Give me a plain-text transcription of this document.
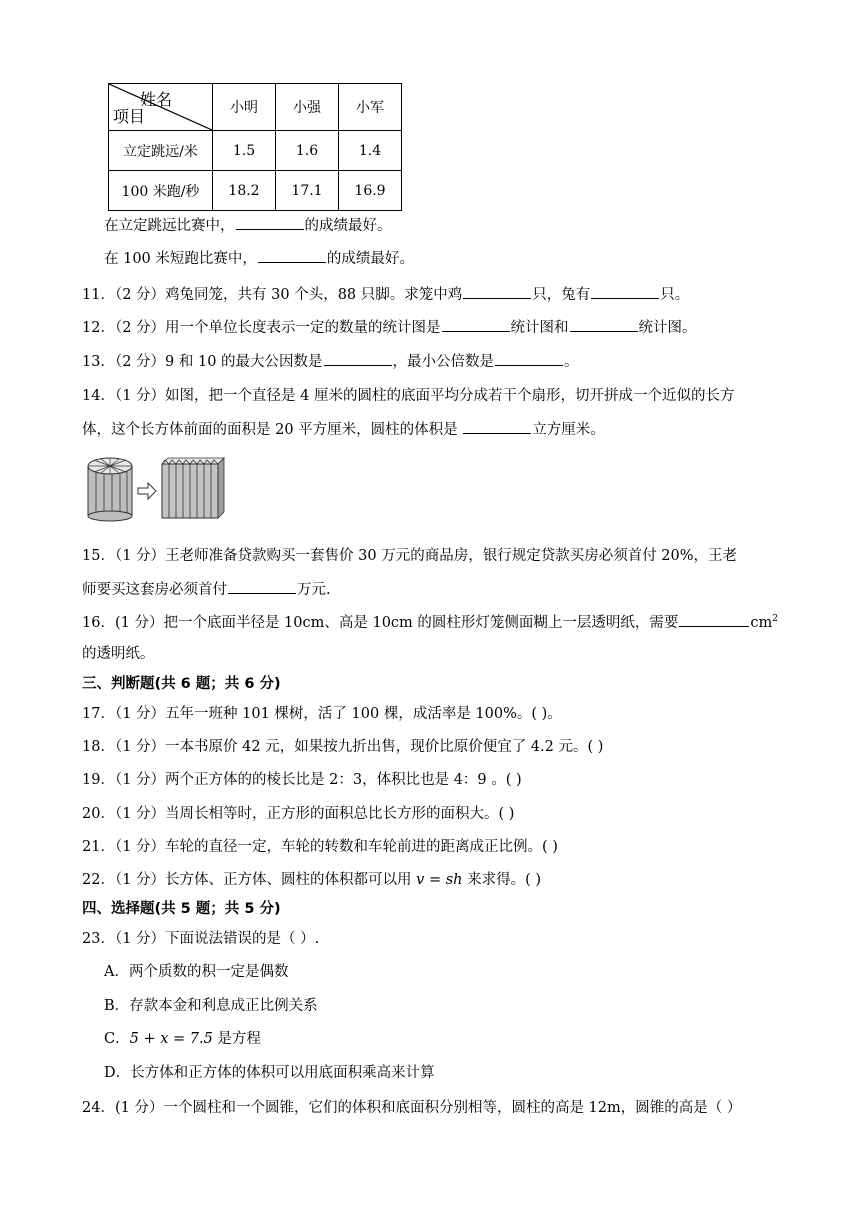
姓名
项目	小明	小强	小军
立定跳远/米	1.5	1.6	1.4
100 米跑/秒	18.2	17.1	16.9
在立定跳远比赛中，	的成绩最好。
在 100 米短跑比赛中，	的成绩最好。
11．（2 分）鸡兔同笼，共有 30 个头，88 只脚。求笼中鸡	只，兔有	只。
12．（2 分）用一个单位长度表示一定的数量的统计图是	统计图和	统计图。
13．（2 分）9 和 10 的最大公因数是	，最小公倍数是	。
14．（1 分）如图，把一个直径是 4 厘米的圆柱的底面平均分成若干个扇形，切开拼成一个近似的长方
体，这个长方体前面的面积是 20 平方厘米，圆柱的体积是	立方厘米。
15．（1 分）王老师准备贷款购买一套售价 30 万元的商品房，银行规定贷款买房必须首付 20%，王老
师要买这套房必须首付	万元.
16．(1 分）把一个底面半径是 10cm、高是 10cm 的圆柱形灯笼侧面糊上一层透明纸，需要	$cm^2$
的透明纸。
三、判断题(共 6 题；共 6 分)
17．（1 分）五年一班种 101 棵树，活了 100 棵，成活率是 100%。( )。
18．（1 分）一本书原价 42 元，如果按九折出售，现价比原价便宜了 4.2 元。( )
19．（1 分）两个正方体的的棱长比是 2：3，体积比也是 4：9 。( )
20．（1 分）当周长相等时，正方形的面积总比长方形的面积大。( )
21．（1 分）车轮的直径一定，车轮的转数和车轮前进的距离成正比例。( )
22．（1 分）长方体、正方体、圆柱的体积都可以用 v = sh 来求得。( )
四、选择题(共 5 题；共 5 分)
23．（1 分）下面说法错误的是（ ）.
A．两个质数的积一定是偶数
B．存款本金和利息成正比例关系
C．5 + x = 7.5 是方程
D．长方体和正方体的体积可以用底面积乘高来计算
24．(1 分）一个圆柱和一个圆锥，它们的体积和底面积分别相等，圆柱的高是 12m，圆锥的高是（ ）
